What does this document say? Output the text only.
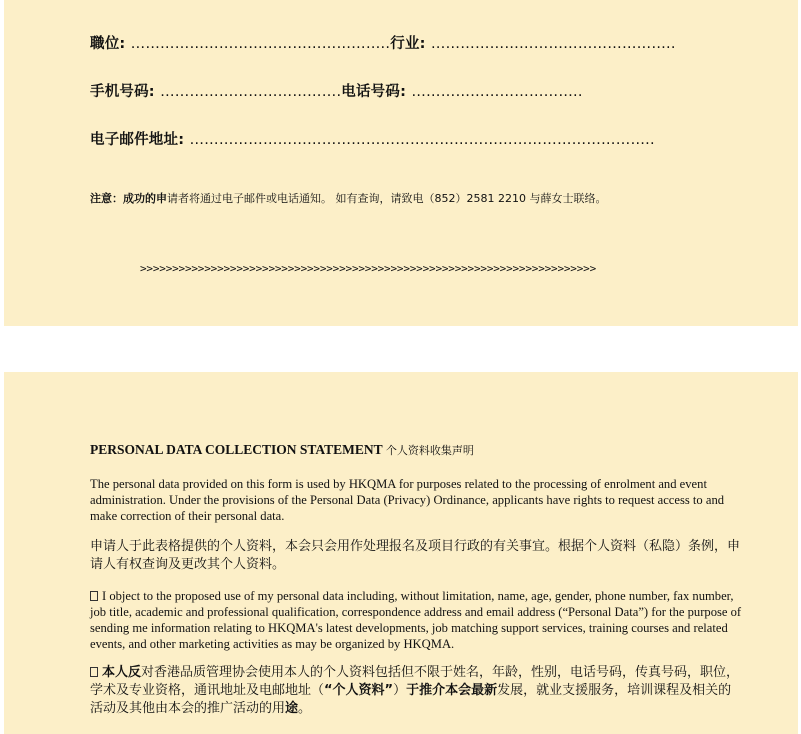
職位: ……………………………………………..行业: …………………………………………..
手机号码: ……………………………….电话号码: ……………………………..
电子邮件地址: …………………………………………………………………………………..
注意：成功的申请者将通过电子邮件或电话通知。 如有查询，请致电（852）2581 2210 与薛女士联络。
>>>>>>>>>>>>>>>>>>>>>>>>>>>>>>>>>>>>>>>>>>>>>>>>>>>>>>>>>>>>>>>>>>>>>>>
PERSONAL DATA COLLECTION STATEMENT 个人资料收集声明
The personal data provided on this form is used by HKQMA for purposes related to the processing of enrolment and event administration. Under the provisions of the Personal Data (Privacy) Ordinance, applicants have rights to request access to and make correction of their personal data.
申请人于此表格提供的个人资料，本会只会用作处理报名及项目行政的有关事宜。根据个人资料（私隐）条例，申请人有权查询及更改其个人资料。
I object to the proposed use of my personal data including, without limitation, name, age, gender, phone number, fax number, job title, academic and professional qualification, correspondence address and email address (“Personal Data”) for the purpose of sending me information relating to HKQMA's latest developments, job matching support services, training courses and related events, and other marketing activities as may be organized by HKQMA.
本人反对香港品质管理协会使用本人的个人资料包括但不限于姓名，年龄，性别，电话号码，传真号码，职位，学术及专业资格，通讯地址及电邮地址（“个人资料”）于推介本会最新发展，就业支援服务，培训课程及相关的活动及其他由本会的推广活动的用途。
